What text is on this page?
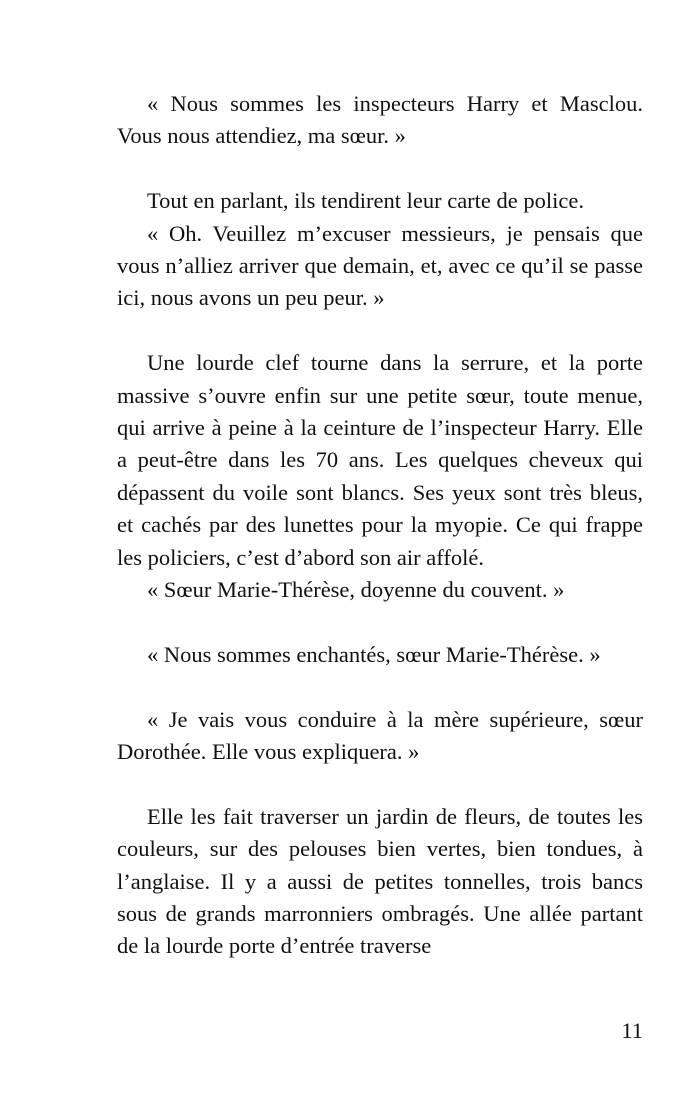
« Nous sommes les inspecteurs Harry et Masclou. Vous nous attendiez, ma sœur. »

Tout en parlant, ils tendirent leur carte de police.

« Oh. Veuillez m’excuser messieurs, je pensais que vous n’alliez arriver que demain, et, avec ce qu’il se passe ici, nous avons un peu peur. »

Une lourde clef tourne dans la serrure, et la porte massive s’ouvre enfin sur une petite sœur, toute menue, qui arrive à peine à la ceinture de l’inspecteur Harry. Elle a peut-être dans les 70 ans. Les quelques cheveux qui dépassent du voile sont blancs. Ses yeux sont très bleus, et cachés par des lunettes pour la myopie. Ce qui frappe les policiers, c’est d’abord son air affolé.

« Sœur Marie-Thérèse, doyenne du couvent. »

« Nous sommes enchantés, sœur Marie-Thérèse. »

« Je vais vous conduire à la mère supérieure, sœur Dorothée. Elle vous expliquera. »

Elle les fait traverser un jardin de fleurs, de toutes les couleurs, sur des pelouses bien vertes, bien tondues, à l’anglaise. Il y a aussi de petites tonnelles, trois bancs sous de grands marronniers ombragés. Une allée partant de la lourde porte d’entrée traverse

11
